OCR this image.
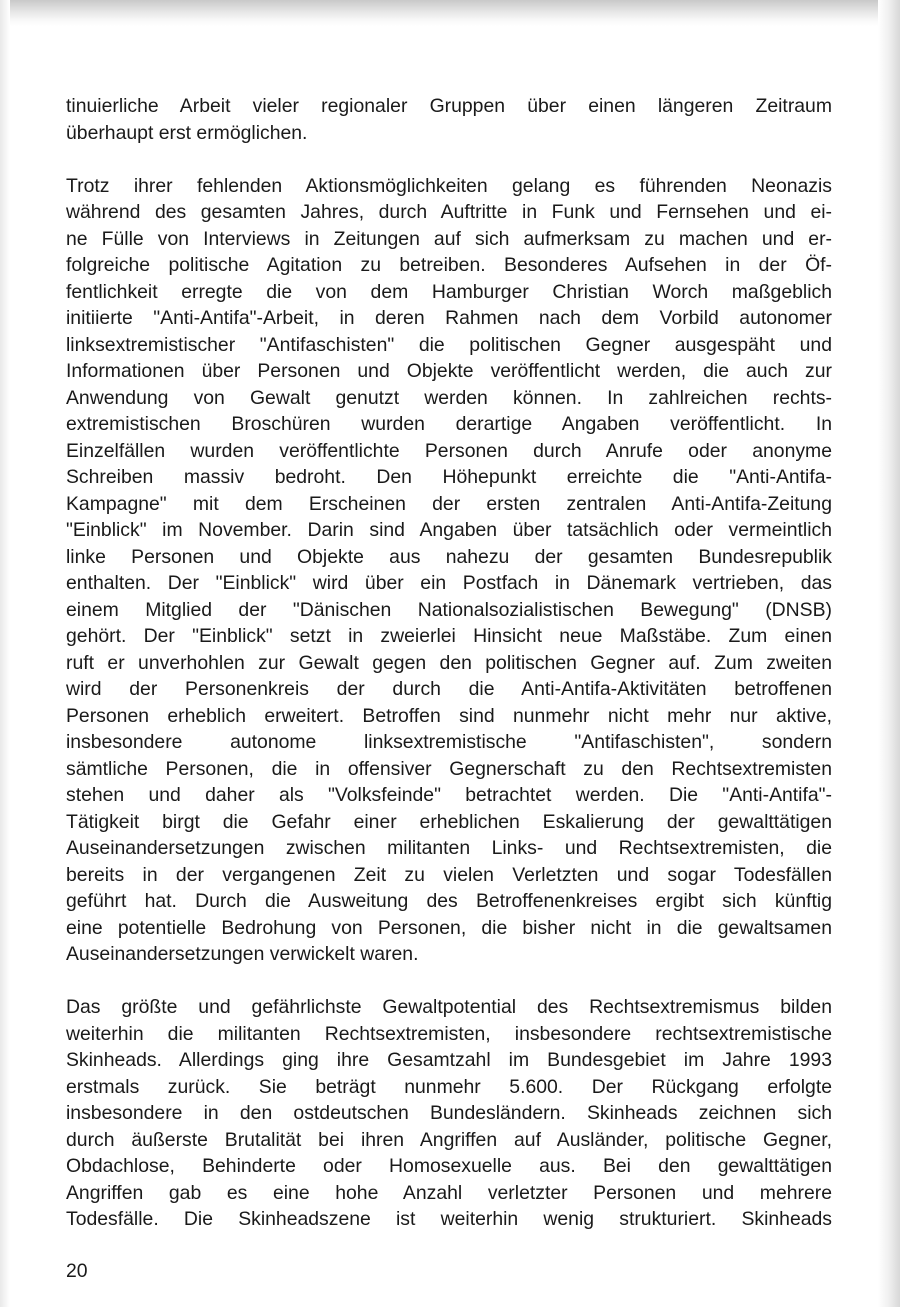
tinuierliche Arbeit vieler regionaler Gruppen über einen längeren Zeitraum
überhaupt erst ermöglichen.
Trotz ihrer fehlenden Aktionsmöglichkeiten gelang es führenden Neonazis
während des gesamten Jahres, durch Auftritte in Funk und Fernsehen und ei-
ne Fülle von Interviews in Zeitungen auf sich aufmerksam zu machen und er-
folgreiche politische Agitation zu betreiben. Besonderes Aufsehen in der Öf-
fentlichkeit erregte die von dem Hamburger Christian Worch maßgeblich
initiierte "Anti-Antifa"-Arbeit, in deren Rahmen nach dem Vorbild autonomer
linksextremistischer "Antifaschisten" die politischen Gegner ausgespäht und
Informationen über Personen und Objekte veröffentlicht werden, die auch zur
Anwendung von Gewalt genutzt werden können. In zahlreichen rechts-
extremistischen Broschüren wurden derartige Angaben veröffentlicht. In
Einzelfällen wurden veröffentlichte Personen durch Anrufe oder anonyme
Schreiben massiv bedroht. Den Höhepunkt erreichte die "Anti-Antifa-
Kampagne" mit dem Erscheinen der ersten zentralen Anti-Antifa-Zeitung
"Einblick" im November. Darin sind Angaben über tatsächlich oder vermeintlich
linke Personen und Objekte aus nahezu der gesamten Bundesrepublik
enthalten. Der "Einblick" wird über ein Postfach in Dänemark vertrieben, das
einem Mitglied der "Dänischen Nationalsozialistischen Bewegung" (DNSB)
gehört. Der "Einblick" setzt in zweierlei Hinsicht neue Maßstäbe. Zum einen
ruft er unverhohlen zur Gewalt gegen den politischen Gegner auf. Zum zweiten
wird der Personenkreis der durch die Anti-Antifa-Aktivitäten betroffenen
Personen erheblich erweitert. Betroffen sind nunmehr nicht mehr nur aktive,
insbesondere autonome linksextremistische "Antifaschisten", sondern
sämtliche Personen, die in offensiver Gegnerschaft zu den Rechtsextremisten
stehen und daher als "Volksfeinde" betrachtet werden. Die "Anti-Antifa"-
Tätigkeit birgt die Gefahr einer erheblichen Eskalierung der gewalttätigen
Auseinandersetzungen zwischen militanten Links- und Rechtsextremisten, die
bereits in der vergangenen Zeit zu vielen Verletzten und sogar Todesfällen
geführt hat. Durch die Ausweitung des Betroffenenkreises ergibt sich künftig
eine potentielle Bedrohung von Personen, die bisher nicht in die gewaltsamen
Auseinandersetzungen verwickelt waren.
Das größte und gefährlichste Gewaltpotential des Rechtsextremismus bilden
weiterhin die militanten Rechtsextremisten, insbesondere rechtsextremistische
Skinheads. Allerdings ging ihre Gesamtzahl im Bundesgebiet im Jahre 1993
erstmals zurück. Sie beträgt nunmehr 5.600. Der Rückgang erfolgte
insbesondere in den ostdeutschen Bundesländern. Skinheads zeichnen sich
durch äußerste Brutalität bei ihren Angriffen auf Ausländer, politische Gegner,
Obdachlose, Behinderte oder Homosexuelle aus. Bei den gewalttätigen
Angriffen gab es eine hohe Anzahl verletzter Personen und mehrere
Todesfälle. Die Skinheadszene ist weiterhin wenig strukturiert. Skinheads

20
